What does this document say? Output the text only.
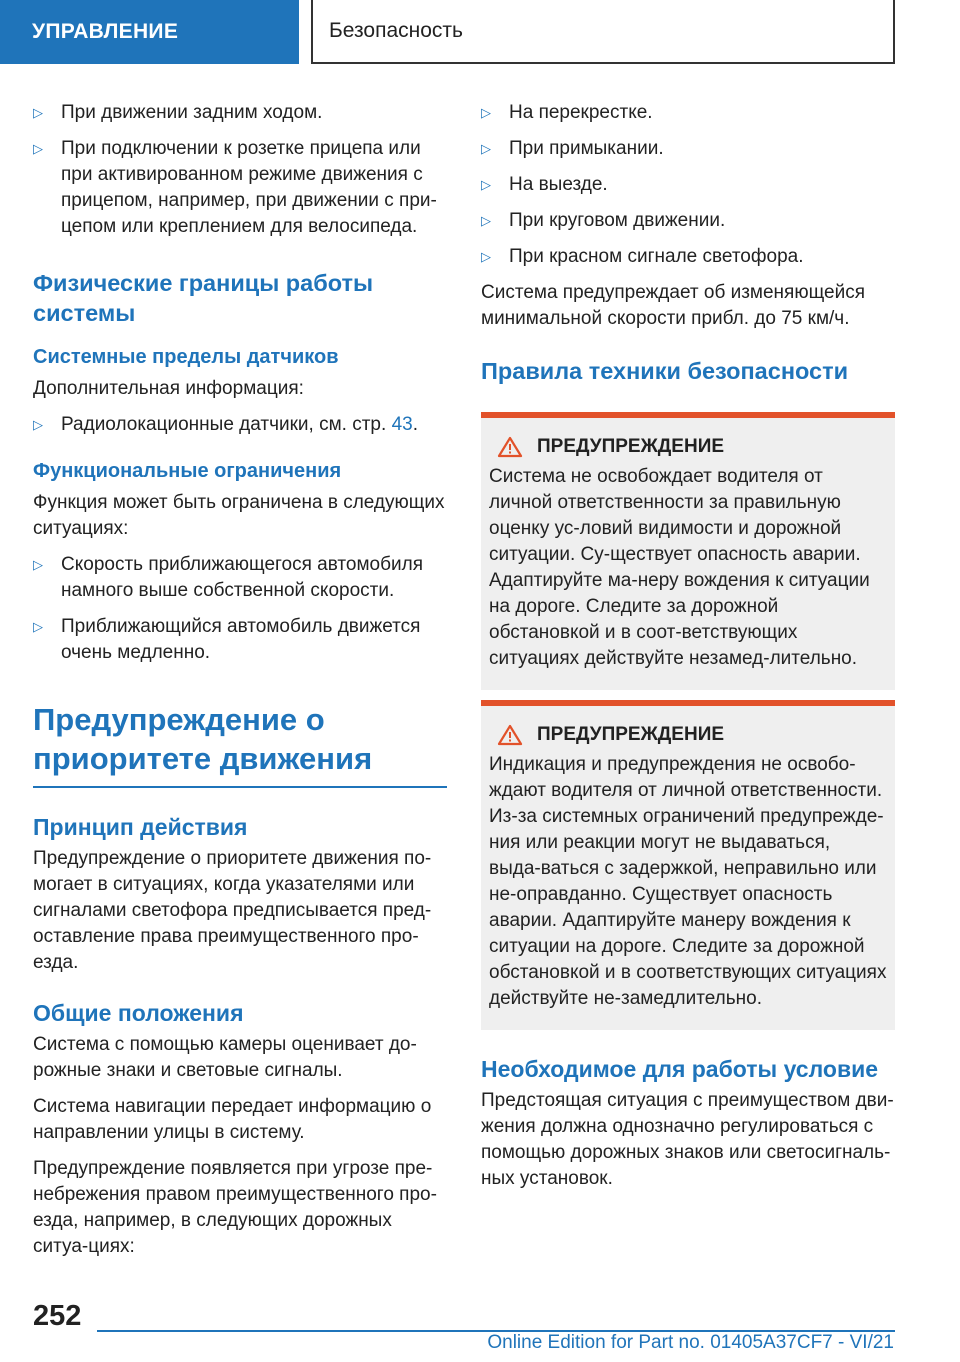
УПРАВЛЕНИЕ	Безопасность
▷ При движении задним ходом.
▷ При подключении к розетке прицепа или при активированном режиме движения с прицепом, например, при движении с при-цепом или креплением для велосипеда.
Физические границы работы системы
Системные пределы датчиков

Дополнительная информация:

▷ Радиолокационные датчики, см. стр. 43.
Функциональные ограничения

Функция может быть ограничена в следующих ситуациях:

▷ Скорость приближающегося автомобиля намного выше собственной скорости.
▷ Приближающийся автомобиль движется очень медленно.
Предупреждение о приоритете движения
Принцип действия

Предупреждение о приоритете движения по-могает в ситуациях, когда указателями или сигналами светофора предписывается пред-оставление права преимущественного про-езда.

Общие положения

Система с помощью камеры оценивает до-рожные знаки и световые сигналы.

Система навигации передает информацию о направлении улицы в систему.

Предупреждение появляется при угрозе пре-небрежения правом преимущественного про-езда, например, в следующих дорожных ситуа-циях:

▷ На перекрестке.
▷ При примыкании.
▷ На выезде.
▷ При круговом движении.
▷ При красном сигнале светофора.

Система предупреждает об изменяющейся минимальной скорости прибл. до 75 км/ч.

Правила техники безопасности
ПРЕДУПРЕЖДЕНИЕ
Система не освобождает водителя от личной ответственности за правильную оценку ус-ловий видимости и дорожной ситуации. Су-ществует опасность аварии. Адаптируйте ма-неру вождения к ситуации на дороге. Следите за дорожной обстановкой и в соот-ветствующих ситуациях действуйте незамед-лительно.
ПРЕДУПРЕЖДЕНИЕ
Индикация и предупреждения не освобо-ждают водителя от личной ответственности. Из-за системных ограничений предупрежде-ния или реакции могут не выдаваться, выда-ваться с задержкой, неправильно или не-оправданно. Существует опасность аварии. Адаптируйте манеру вождения к ситуации на дороге. Следите за дорожной обстановкой и в соответствующих ситуациях действуйте не-замедлительно.
Необходимое для работы условие

Предстоящая ситуация с преимуществом дви-жения должна однозначно регулироваться с помощью дорожных знаков или светосигналь-ных установок.

252
Online Edition for Part no. 01405A37CF7 - VI/21
